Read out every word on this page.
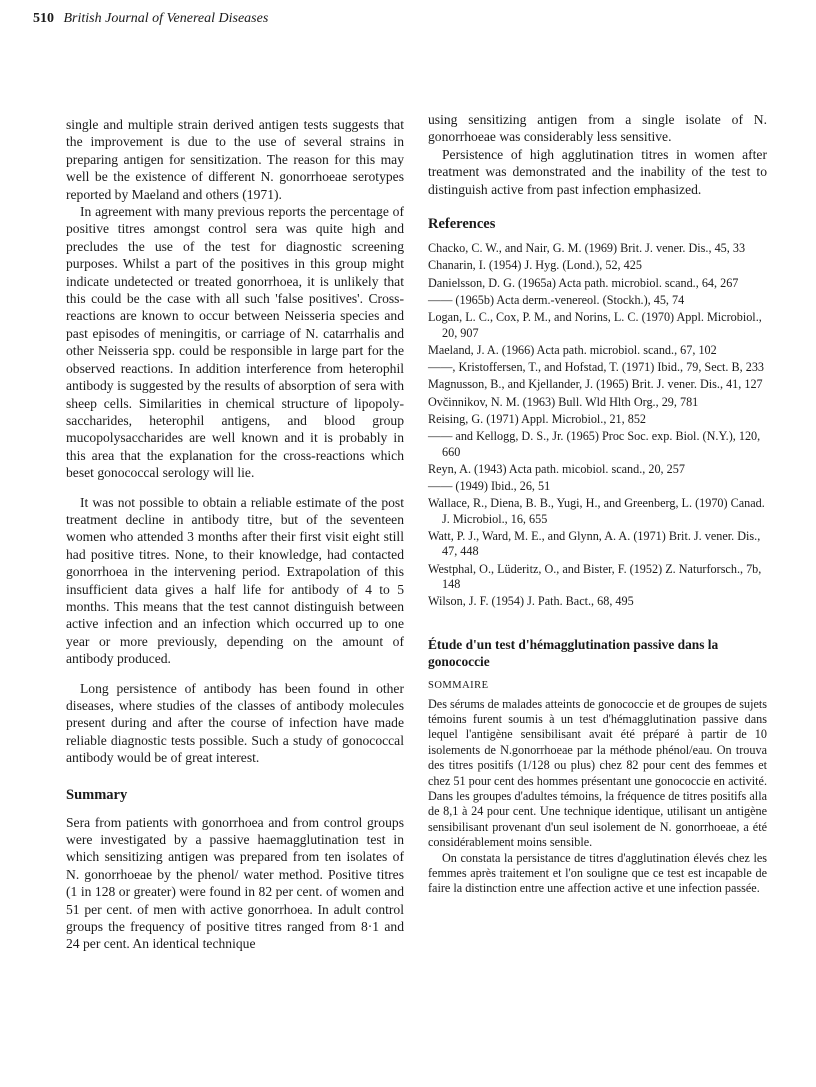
510 British Journal of Venereal Diseases

single and multiple strain derived antigen tests suggests that the improvement is due to the use of several strains in preparing antigen for sensitization. The reason for this may well be the existence of different N. gonorrhoeae serotypes reported by Maeland and others (1971).

In agreement with many previous reports the percentage of positive titres amongst control sera was quite high and precludes the use of the test for diagnostic screening purposes. Whilst a part of the positives in this group might indicate undetected or treated gonorrhoea, it is unlikely that this could be the case with all such 'false positives'. Cross-reactions are known to occur between Neisseria species and past episodes of meningitis, or carriage of N. catarrhalis and other Neisseria spp. could be responsible in large part for the observed reactions. In addition interference from heterophil antibody is suggested by the results of absorption of sera with sheep cells. Similarities in chemical structure of lipopoly-saccharides, heterophil antigens, and blood group mucopolysaccharides are well known and it is probably in this area that the explanation for the cross-reactions which beset gonococcal serology will lie.

It was not possible to obtain a reliable estimate of the post treatment decline in antibody titre, but of the seventeen women who attended 3 months after their first visit eight still had positive titres. None, to their knowledge, had contacted gonorrhoea in the intervening period. Extrapolation of this insufficient data gives a half life for antibody of 4 to 5 months. This means that the test cannot distinguish between active infection and an infection which occurred up to one year or more previously, depending on the amount of antibody produced.

Long persistence of antibody has been found in other diseases, where studies of the classes of antibody molecules present during and after the course of infection have made reliable diagnostic tests possible. Such a study of gonococcal antibody would be of great interest.

Summary

Sera from patients with gonorrhoea and from control groups were investigated by a passive haemagglutination test in which sensitizing antigen was prepared from ten isolates of N. gonorrhoeae by the phenol/ water method. Positive titres (1 in 128 or greater) were found in 82 per cent. of women and 51 per cent. of men with active gonorrhoea. In adult control groups the frequency of positive titres ranged from 8·1 and 24 per cent. An identical technique

using sensitizing antigen from a single isolate of N. gonorrhoeae was considerably less sensitive.

Persistence of high agglutination titres in women after treatment was demonstrated and the inability of the test to distinguish active from past infection emphasized.

References
Chacko, C. W., and Nair, G. M. (1969) Brit. J. vener. Dis., 45, 33
Chanarin, I. (1954) J. Hyg. (Lond.), 52, 425
Danielsson, D. G. (1965a) Acta path. microbiol. scand., 64, 267
—— (1965b) Acta derm.-venereol. (Stockh.), 45, 74
Logan, L. C., Cox, P. M., and Norins, L. C. (1970) Appl. Microbiol., 20, 907
Maeland, J. A. (1966) Acta path. microbiol. scand., 67, 102
——, Kristoffersen, T., and Hofstad, T. (1971) Ibid., 79, Sect. B, 233
Magnusson, B., and Kjellander, J. (1965) Brit. J. vener. Dis., 41, 127
Ovčinnikov, N. M. (1963) Bull. Wld Hlth Org., 29, 781
Reising, G. (1971) Appl. Microbiol., 21, 852
—— and Kellogg, D. S., Jr. (1965) Proc Soc. exp. Biol. (N.Y.), 120, 660
Reyn, A. (1943) Acta path. micobiol. scand., 20, 257
—— (1949) Ibid., 26, 51
Wallace, R., Diena, B. B., Yugi, H., and Greenberg, L. (1970) Canad. J. Microbiol., 16, 655
Watt, P. J., Ward, M. E., and Glynn, A. A. (1971) Brit. J. vener. Dis., 47, 448
Westphal, O., Lüderitz, O., and Bister, F. (1952) Z. Naturforsch., 7b, 148
Wilson, J. F. (1954) J. Path. Bact., 68, 495
Étude d'un test d'hémagglutination passive dans la gonococcie
SOMMAIRE

Des sérums de malades atteints de gonococcie et de groupes de sujets témoins furent soumis à un test d'hémagglutination passive dans lequel l'antigène sensibilisant avait été préparé à partir de 10 isolements de N.gonorrhoeae par la méthode phénol/eau. On trouva des titres positifs (1/128 ou plus) chez 82 pour cent des femmes et chez 51 pour cent des hommes présentant une gonococcie en activité. Dans les groupes d'adultes témoins, la fréquence de titres positifs alla de 8,1 à 24 pour cent. Une technique identique, utilisant un antigène sensibilisant provenant d'un seul isolement de N. gonorrhoeae, a été considérablement moins sensible.

On constata la persistance de titres d'agglutination élevés chez les femmes après traitement et l'on souligne que ce test est incapable de faire la distinction entre une affection active et une infection passée.
